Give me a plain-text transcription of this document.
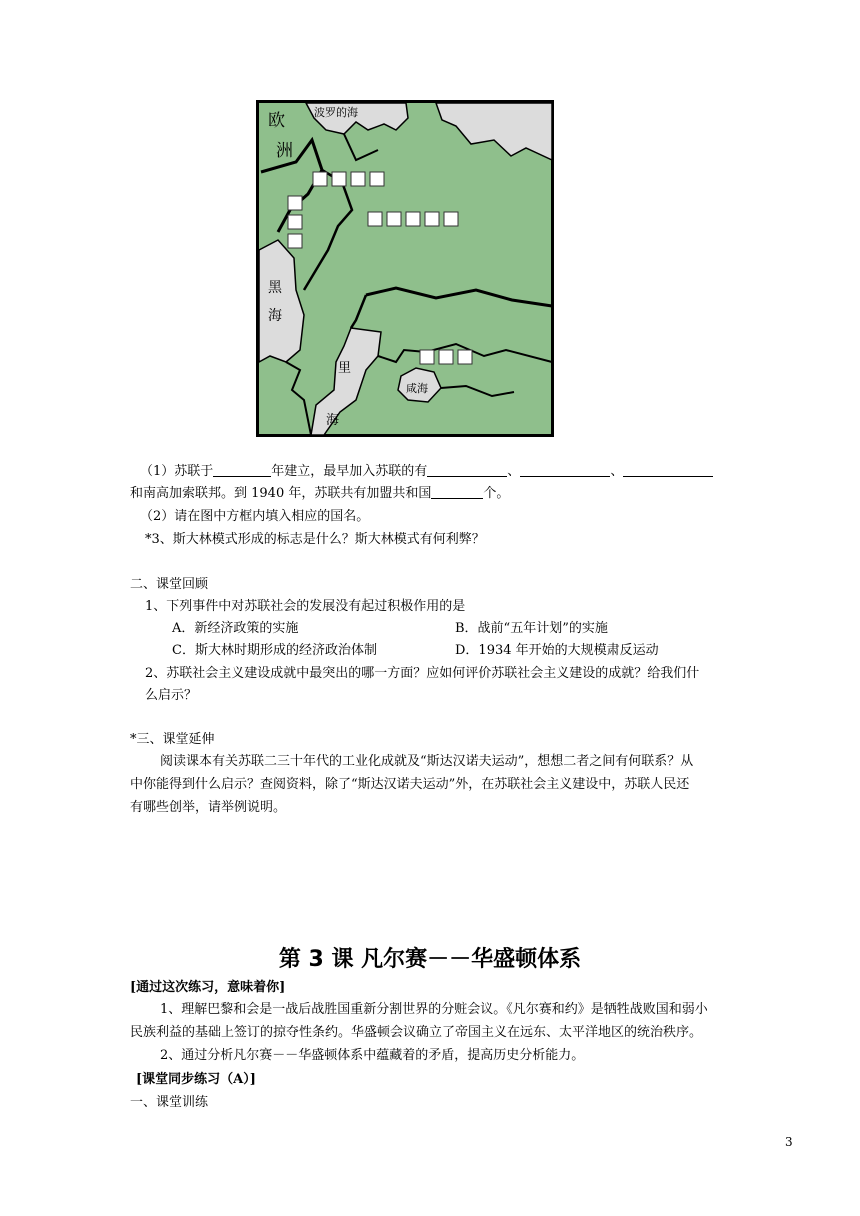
欧
洲
波罗的海
黑
海
里
海
咸海
（1）苏联于	年建立，最早加入苏联的有	、	、
和南高加索联邦。到 1940 年，苏联共有加盟共和国	个。
（2）请在图中方框内填入相应的国名。
*3、斯大林模式形成的标志是什么？斯大林模式有何利弊？
二、课堂回顾
1、下列事件中对苏联社会的发展没有起过积极作用的是
A．新经济政策的实施	B．战前“五年计划”的实施
C．斯大林时期形成的经济政治体制	D．1934 年开始的大规模肃反运动
2、苏联社会主义建设成就中最突出的哪一方面？应如何评价苏联社会主义建设的成就？给我们什
么启示？
*三、课堂延伸
阅读课本有关苏联二三十年代的工业化成就及“斯达汉诺夫运动”，想想二者之间有何联系？从
中你能得到什么启示？查阅资料，除了“斯达汉诺夫运动”外，在苏联社会主义建设中，苏联人民还
有哪些创举，请举例说明。
第 3 课 凡尔赛－－华盛顿体系
[通过这次练习，意味着你]
1、理解巴黎和会是一战后战胜国重新分割世界的分赃会议。《凡尔赛和约》是牺牲战败国和弱小
民族利益的基础上签订的掠夺性条约。华盛顿会议确立了帝国主义在远东、太平洋地区的统治秩序。
2、通过分析凡尔赛－－华盛顿体系中蕴藏着的矛盾，提高历史分析能力。
[课堂同步练习（A）]
一、课堂训练
3
